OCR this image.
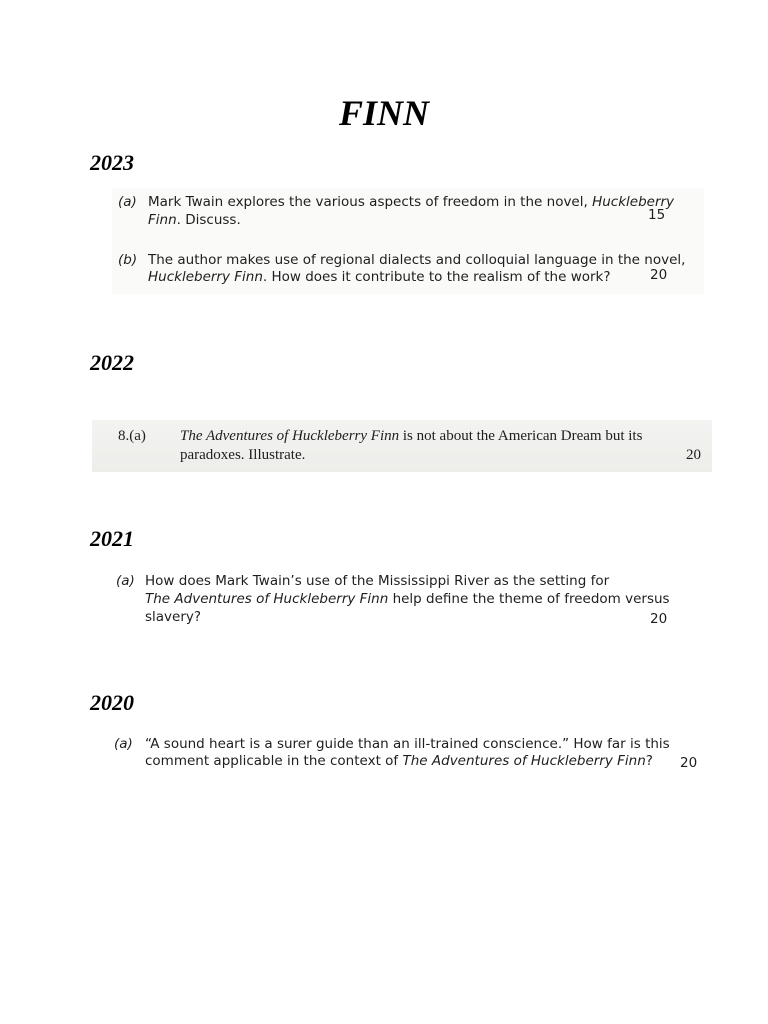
FINN
2023
(a) Mark Twain explores the various aspects of freedom in the novel, Huckleberry
Finn. Discuss.	15
(b) The author makes use of regional dialects and colloquial language in the novel,
Huckleberry Finn. How does it contribute to the realism of the work?	20
2022
8.(a) The Adventures of Huckleberry Finn is not about the American Dream but its
paradoxes. Illustrate.	20
2021
(a) How does Mark Twain’s use of the Mississippi River as the setting for
The Adventures of Huckleberry Finn help define the theme of freedom versus
slavery?	20
2020
(a) “A sound heart is a surer guide than an ill-trained conscience.” How far is this
comment applicable in the context of The Adventures of Huckleberry Finn? 20
